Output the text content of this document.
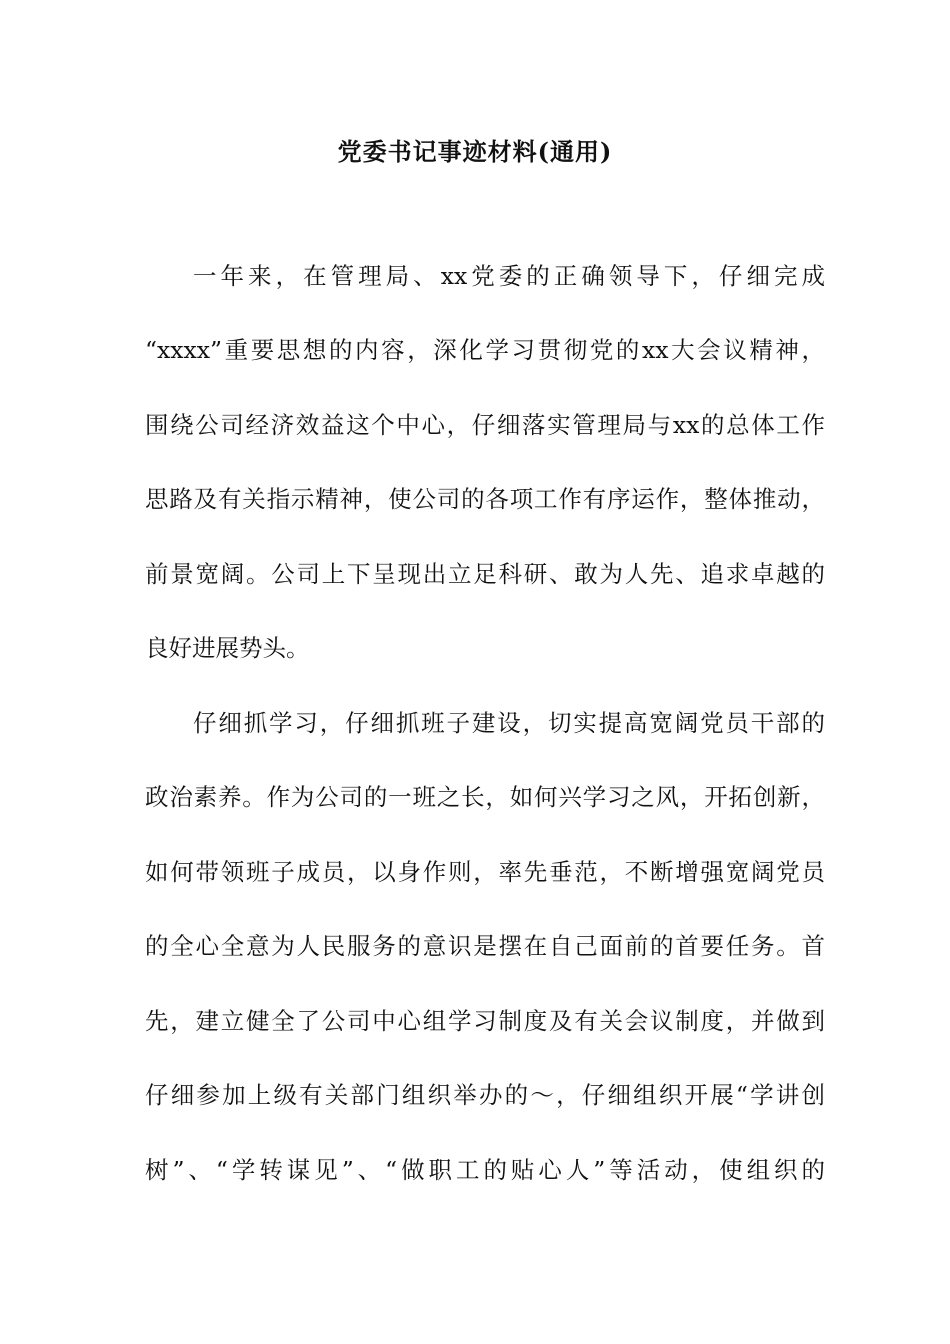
党委书记事迹材料(通用)
一年来，在管理局、xx党委的正确领导下，仔细完成
“xxxx”重要思想的内容，深化学习贯彻党的xx大会议精神，
围绕公司经济效益这个中心，仔细落实管理局与xx的总体工作
思路及有关指示精神，使公司的各项工作有序运作，整体推动，
前景宽阔。公司上下呈现出立足科研、敢为人先、追求卓越的
良好进展势头。
仔细抓学习，仔细抓班子建设，切实提高宽阔党员干部的
政治素养。作为公司的一班之长，如何兴学习之风，开拓创新，
如何带领班子成员，以身作则，率先垂范，不断增强宽阔党员
的全心全意为人民服务的意识是摆在自己面前的首要任务。首
先，建立健全了公司中心组学习制度及有关会议制度，并做到
仔细参加上级有关部门组织举办的～，仔细组织开展“学讲创
树”、“学转谋见”、“做职工的贴心人”等活动，使组织的
